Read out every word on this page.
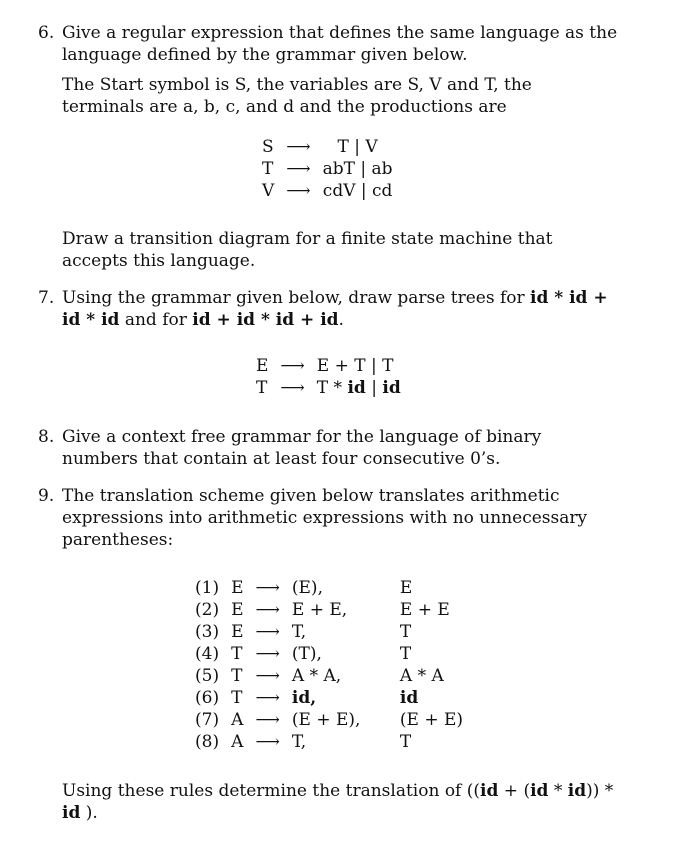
6. Give a regular expression that defines the same language as the language defined by the grammar given below.

The Start symbol is S, the variables are S, V and T, the terminals are a, b, c, and d and the productions are

S	⟶	T | V
T	⟶	abT | ab
V	⟶	cdV | cd

Draw a transition diagram for a finite state machine that accepts this language.

7. Using the grammar given below, draw parse trees for id * id + id * id and for id + id * id + id.

E	⟶	E + T | T
T	⟶	T * id | id
8. Give a context free grammar for the language of binary numbers that contain at least four consecutive 0’s.

9. The translation scheme given below translates arithmetic expressions into arithmetic expressions with no unnecessary parentheses:

(1)	E	⟶	(E),	E
(2)	E	⟶	E + E,	E + E
(3)	E	⟶	T,	T
(4)	T	⟶	(T),	T
(5)	T	⟶	A * A,	A * A
(6)	T	⟶	id,	id
(7)	A	⟶	(E + E),	(E + E)
(8)	A	⟶	T,	T

Using these rules determine the translation of ((id + (id * id)) * id ).
